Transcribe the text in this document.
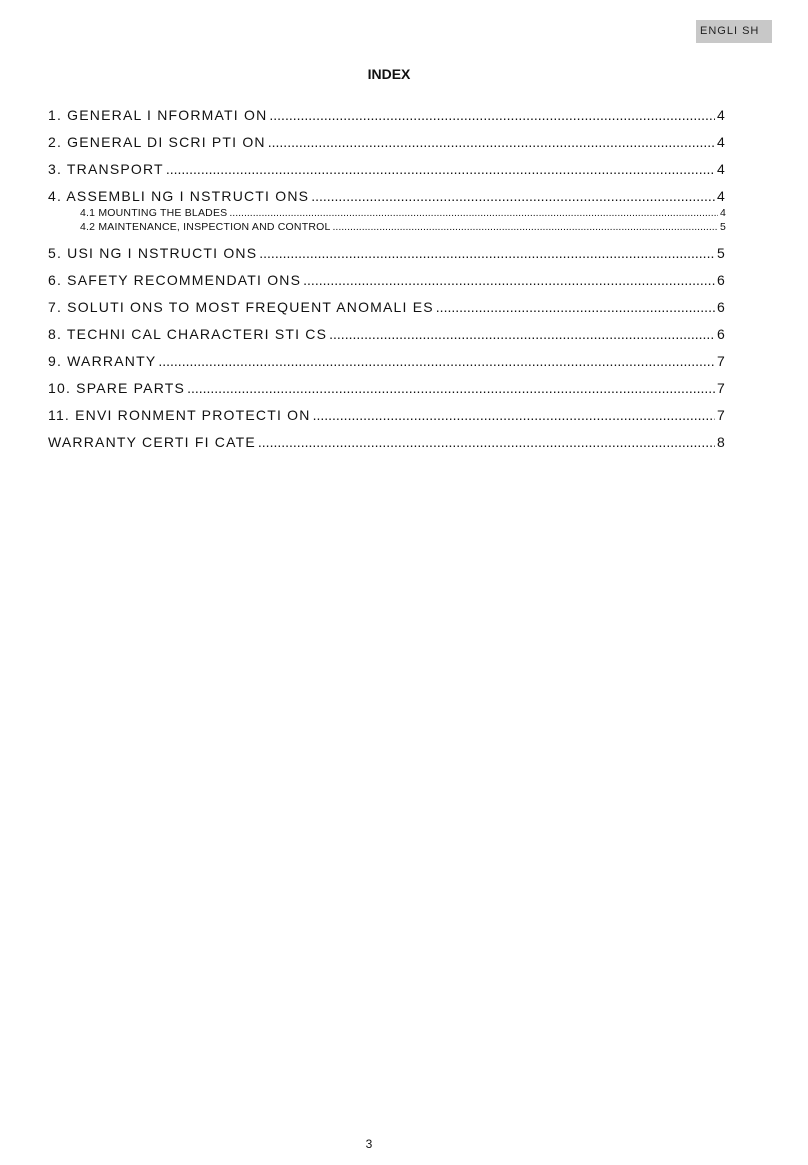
ENGLI SH
INDEX
1. GENERAL I NFORMATI ON .....	4
2. GENERAL DI SCRI PTI ON .....	4
3. TRANSPORT .....	4
4. ASSEMBLI NG I NSTRUCTI ONS .....	4
4.1 MOUNTING THE BLADES .....	4
4.2 MAINTENANCE, INSPECTION AND CONTROL .....	5
5. USI NG I NSTRUCTI ONS .....	5
6. SAFETY RECOMMENDATI ONS .....	6
7. SOLUTI ONS TO MOST FREQUENT ANOMALI ES .....	6
8. TECHNI CAL CHARACTERI STI CS .....	6
9. WARRANTY .....	7
10. SPARE PARTS .....	7
11. ENVI RONMENT PROTECTI ON .....	7
WARRANTY CERTI FI CATE .....	8
3
